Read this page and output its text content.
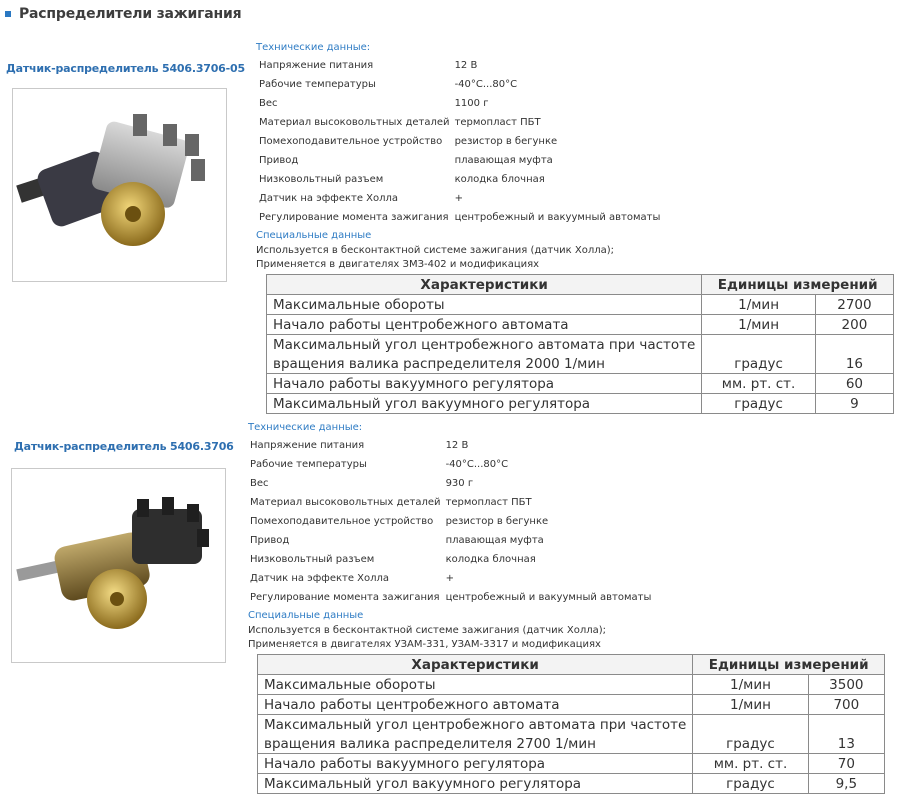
Распределители зажигания
Датчик-распределитель 5406.3706-05
Технические данные:
Напряжение питания	12 В
Рабочие температуры	-40°С...80°С
Вес	1100 г
Материал высоковольтных деталей	термопласт ПБТ
Помехоподавительное устройство	резистор в бегунке
Привод	плавающая муфта
Низковольтный разъем	колодка блочная
Датчик на эффекте Холла	+
Регулирование момента зажигания	центробежный и вакуумный автоматы
Специальные данные
Используется в бесконтактной системе зажигания (датчик Холла);
Применяется в двигателях ЗМЗ-402 и модификациях
Характеристики	Единицы измерений	
Максимальные обороты	1/мин	2700
Начало работы центробежного автомата	1/мин	200
Максимальный угол центробежного автомата при частоте		
вращения валика распределителя 2000 1/мин	градус	16
Начало работы вакуумного регулятора	мм. рт. ст.	60
Максимальный угол вакуумного регулятора	градус	9
Датчик-распределитель 5406.3706
Технические данные:
Напряжение питания	12 В
Рабочие температуры	-40°С...80°С
Вес	930 г
Материал высоковольтных деталей	термопласт ПБТ
Помехоподавительное устройство	резистор в бегунке
Привод	плавающая муфта
Низковольтный разъем	колодка блочная
Датчик на эффекте Холла	+
Регулирование момента зажигания	центробежный и вакуумный автоматы
Специальные данные
Используется в бесконтактной системе зажигания (датчик Холла);
Применяется в двигателях УЗАМ-331, УЗАМ-3317 и модификациях
Характеристики	Единицы измерений	
Максимальные обороты	1/мин	3500
Начало работы центробежного автомата	1/мин	700
Максимальный угол центробежного автомата при частоте		
вращения валика распределителя 2700 1/мин	градус	13
Начало работы вакуумного регулятора	мм. рт. ст.	70
Максимальный угол вакуумного регулятора	градус	9,5
